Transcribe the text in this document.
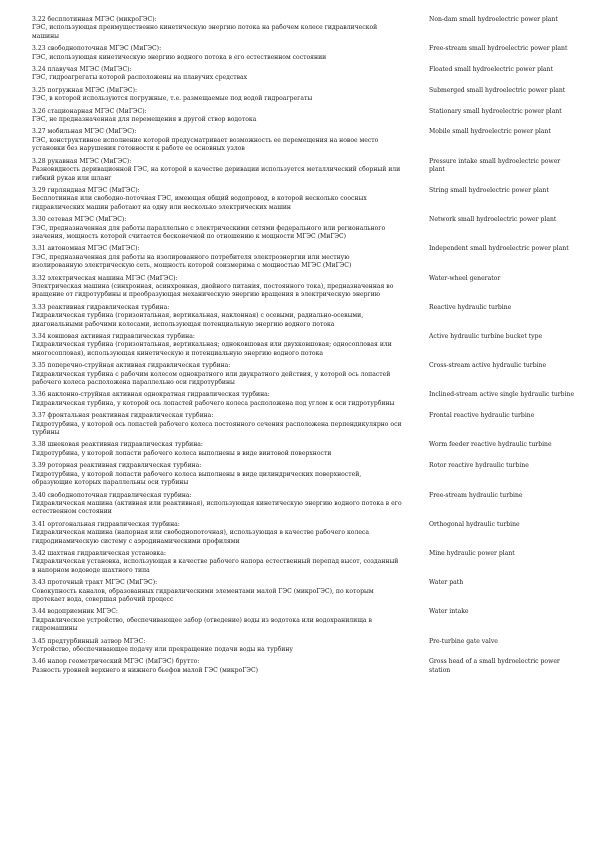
3.22 бесплотинная МГЭС (микроГЭС):
ГЭС, использующая преимущественно кинетическую энергию потока на рабочем колесе гидравлической машины
Non-dam small hydroelectric power plant
3.23 свободнопоточная МГЭС (МиГЭС):
ГЭС, использующая кинетическую энергию водного потока в его естественном состоянии
Free-stream small hydroelectric power plant
3.24 плавучая МГЭС (МиГЭС):
ГЭС, гидроагрегаты которой расположены на плавучих средствах
Floated small hydroelectric power plant
3.25 погружная МГЭС (МиГЭС):
ГЭС, в которой используются погружные, т.е. размещаемые под водой гидроагрегаты
Submerged small hydroelectric power plant
3.26 стационарная МГЭС (МиГЭС):
ГЭС, не предназначенная для перемещения в другой створ водотока
Stationary small hydroelectric power plant
3.27 мобильная МГЭС (МиГЭС):
ГЭС, конструктивное исполнение которой предусматривает возможность ее перемещения на новое место установки без нарушения готовности к работе ее основных узлов
Mobile small hydroelectric power plant
3.28 рукавная МГЭС (МиГЭС):
Разновидность деривационной ГЭС, на которой в качестве деривации используется металлический сборный или гибкий рукав или шланг
Pressure intake small hydroelectric power plant
3.29 гирляндная МГЭС (МиГЭС):
Бесплотинная или свободно-поточная ГЭС, имеющая общий водопровод, в которой несколько соосных гидравлических машин работают на одну или несколько электрических машин
String small hydroelectric power plant
3.30 сетевая МГЭС (МиГЭС):
ГЭС, предназначенная для работы параллельно с электрическими сетями федерального или регионального значения, мощность которой считается бесконечной по отношению к мощности МГЭС (МиГЭС)
Network small hydroelectric power plant
3.31 автономная МГЭС (МиГЭС):
ГЭС, предназначенная для работы на изолированного потребителя электроэнергии или местную изолированную электрическую сеть, мощность которой соизмерима с мощностью МГЭС (МиГЭС)
Independent small hydroelectric power plant
3.32 электрическая машина МГЭС (МиГЭС):
Электрическая машина (синхронная, асинхронная, двойного питания, постоянного тока), предназначенная во вращение от гидротурбины и преобразующая механическую энергию вращения в электрическую энергию
Water-wheel generator
3.33 реактивная гидравлическая турбина:
Гидравлическая турбина (горизонтальная, вертикальная, наклонная) с осевыми, радиально-осевыми, диагональными рабочими колесами, использующая потенциальную энергию водного потока
Reactive hydraulic turbine
3.34 ковшовая активная гидравлическая турбина:
Гидравлическая турбина (горизонтальная, вертикальная; одноковшовая или двухковшовая; односопловая или многосопловая), использующая кинетическую и потенциальную энергию водного потока
Active hydraulic turbine bucket type
3.35 поперечно-струйная активная гидравлическая турбина:
Гидравлическая турбина с рабочим колесом однократного или двукратного действия, у которой ось лопастей рабочего колеса расположена параллельно оси гидротурбины
Cross-stream active hydraulic turbine
3.36 наклонно-струйная активная однократная гидравлическая турбина:
Гидравлическая турбина, у которой ось лопастей рабочего колеса расположена под углом к оси гидротурбины
Inclined-stream active single hydraulic turbine
3.37 фронтальная реактивная гидравлическая турбина:
Гидротурбина, у которой ось лопастей рабочего колеса постоянного сечения расположена перпендикулярно оси турбины
Frontal reactive hydraulic turbine
3.38 шнековая реактивная гидравлическая турбина:
Гидротурбина, у которой лопасти рабочего колеса выполнены в виде винтовой поверхности
Worm feeder reactive hydraulic turbine
3.39 роторная реактивная гидравлическая турбина:
Гидротурбина, у которой лопасти рабочего колеса выполнены в виде цилиндрических поверхностей, образующие которых параллельны оси турбины
Rotor reactive hydraulic turbine
3.40 свободнопоточная гидравлическая турбина:
Гидравлическая машина (активная или реактивная), использующая кинетическую энергию водного потока в его естественном состоянии
Free-stream hydraulic turbine
3.41 ортогональная гидравлическая турбина:
Гидравлическая машина (напорная или свободнопоточная), использующая в качестве рабочего колеса гидродинамическую систему с аэродинамическими профилями
Orthogonal hydraulic turbine
3.42 шахтная гидравлическая установка:
Гидравлическая установка, использующая в качестве рабочего напора естественный перепад высот, созданный в напорном водоводе шахтного типа
Mine hydraulic power plant
3.43 проточный тракт МГЭС (МиГЭС):
Совокупность каналов, образованных гидравлическими элементами малой ГЭС (микроГЭС), по которым протекает вода, совершая рабочий процесс
Water path
3.44 водоприемник МГЭС:
Гидравлическое устройство, обеспечивающее забор (отведение) воды из водотока или водохранилища в гидромашины
Water intake
3.45 предтурбинный затвор МГЭС:
Устройство, обеспечивающее подачу или прекращение подачи воды на турбину
Pre-turbine gate valve
3.46 напор геометрический МГЭС (МиГЭС) брутто:
Разность уровней верхнего и нижнего бьефов малой ГЭС (микроГЭС)
Gross head of a small hydroelectric power station
